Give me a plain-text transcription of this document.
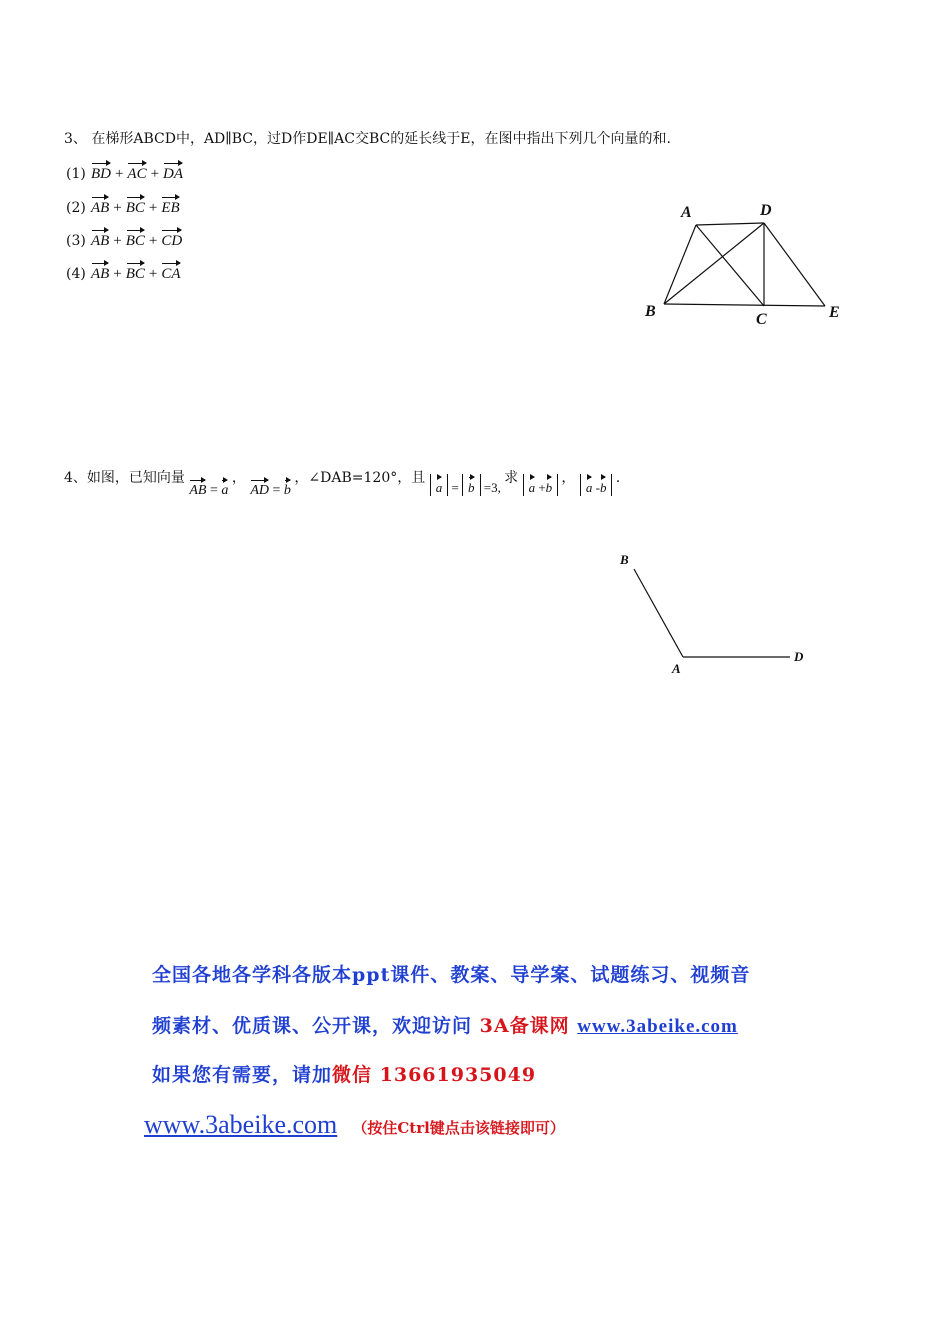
3、 在梯形ABCD中，AD∥BC，过D作DE∥AC交BC的延长线于E，在图中指出下列几个向量的和.
(1) BD + AC + DA
(2) AB + BC + EB
(3) AB + BC + CD
(4) AB + BC + CA
A	D
B	C	E
4、如图，已知向量 AB = a ， AD = b ，∠DAB=120°，且 a = b =3, 求 a +b ， a -b .
B
A
D
全国各地各学科各版本ppt课件、教案、导学案、试题练习、视频音
频素材、优质课、公开课，欢迎访问 3A备课网 www.3abeike.com
如果您有需要，请加微信 13661935049
www.3abeike.com （按住Ctrl键点击该链接即可）
